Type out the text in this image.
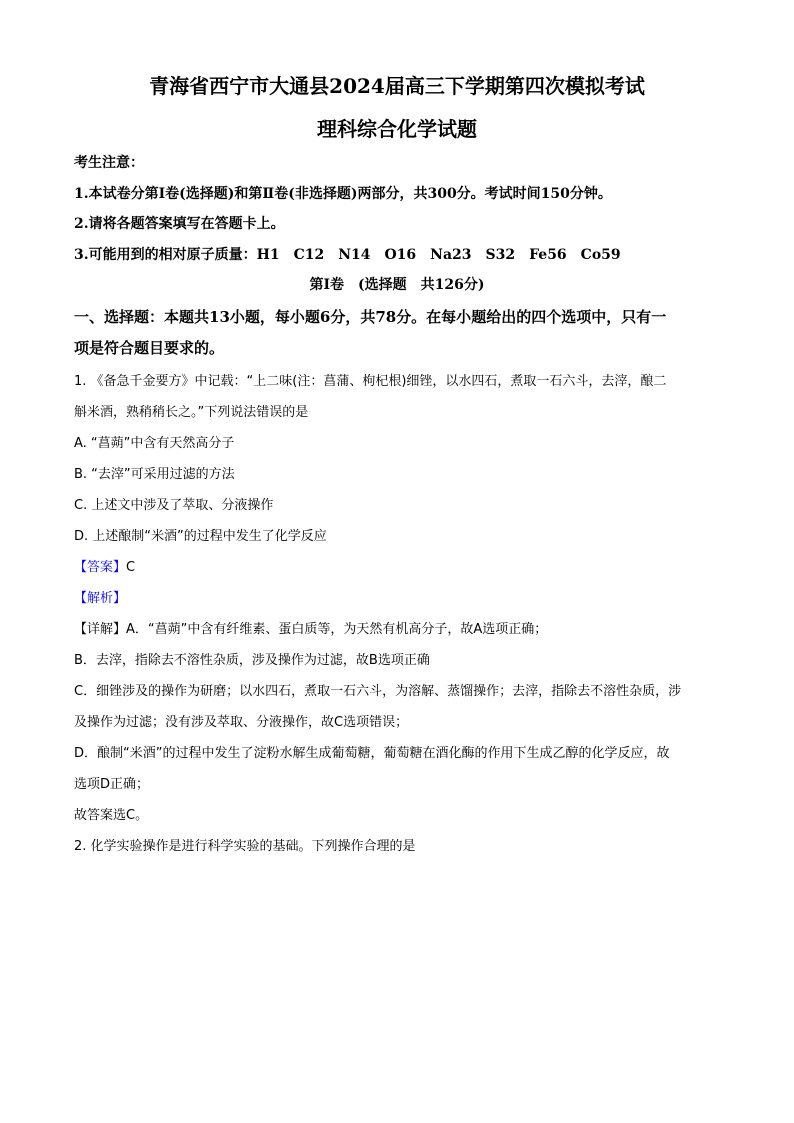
青海省西宁市大通县2024届高三下学期第四次模拟考试
理科综合化学试题
考生注意：
1.本试卷分第Ⅰ卷(选择题)和第Ⅱ卷(非选择题)两部分，共300分。考试时间150分钟。
2.请将各题答案填写在答题卡上。
3.可能用到的相对原子质量：H1　C12　N14　O16　Na23　S32　Fe56　Co59
第Ⅰ卷　(选择题　共126分)
一、选择题：本题共13小题，每小题6分，共78分。在每小题给出的四个选项中，只有一
项是符合题目要求的。
1. 《备急千金要方》中记载：“上二味(注：菖蒲、枸杞根)细锉，以水四石，煮取一石六斗，去滓，酿二
斛米酒，熟稍稍长之。”下列说法错误的是
A. “菖蒴”中含有天然高分子
B. “去滓”可采用过滤的方法
C. 上述文中涉及了萃取、分液操作
D. 上述酿制“米酒”的过程中发生了化学反应
【答案】C
【解析】
【详解】A．“菖蒴”中含有纤维素、蛋白质等，为天然有机高分子，故A选项正确；
B．去滓，指除去不溶性杂质，涉及操作为过滤，故B选项正确
C．细锉涉及的操作为研磨；以水四石，煮取一石六斗，为溶解、蒸馏操作；去滓，指除去不溶性杂质，涉
及操作为过滤；没有涉及萃取、分液操作，故C选项错误；
D．酿制“米酒”的过程中发生了淀粉水解生成葡萄糖，葡萄糖在酒化酶的作用下生成乙醇的化学反应，故
选项D正确；
故答案选C。
2. 化学实验操作是进行科学实验的基础。下列操作合理的是
